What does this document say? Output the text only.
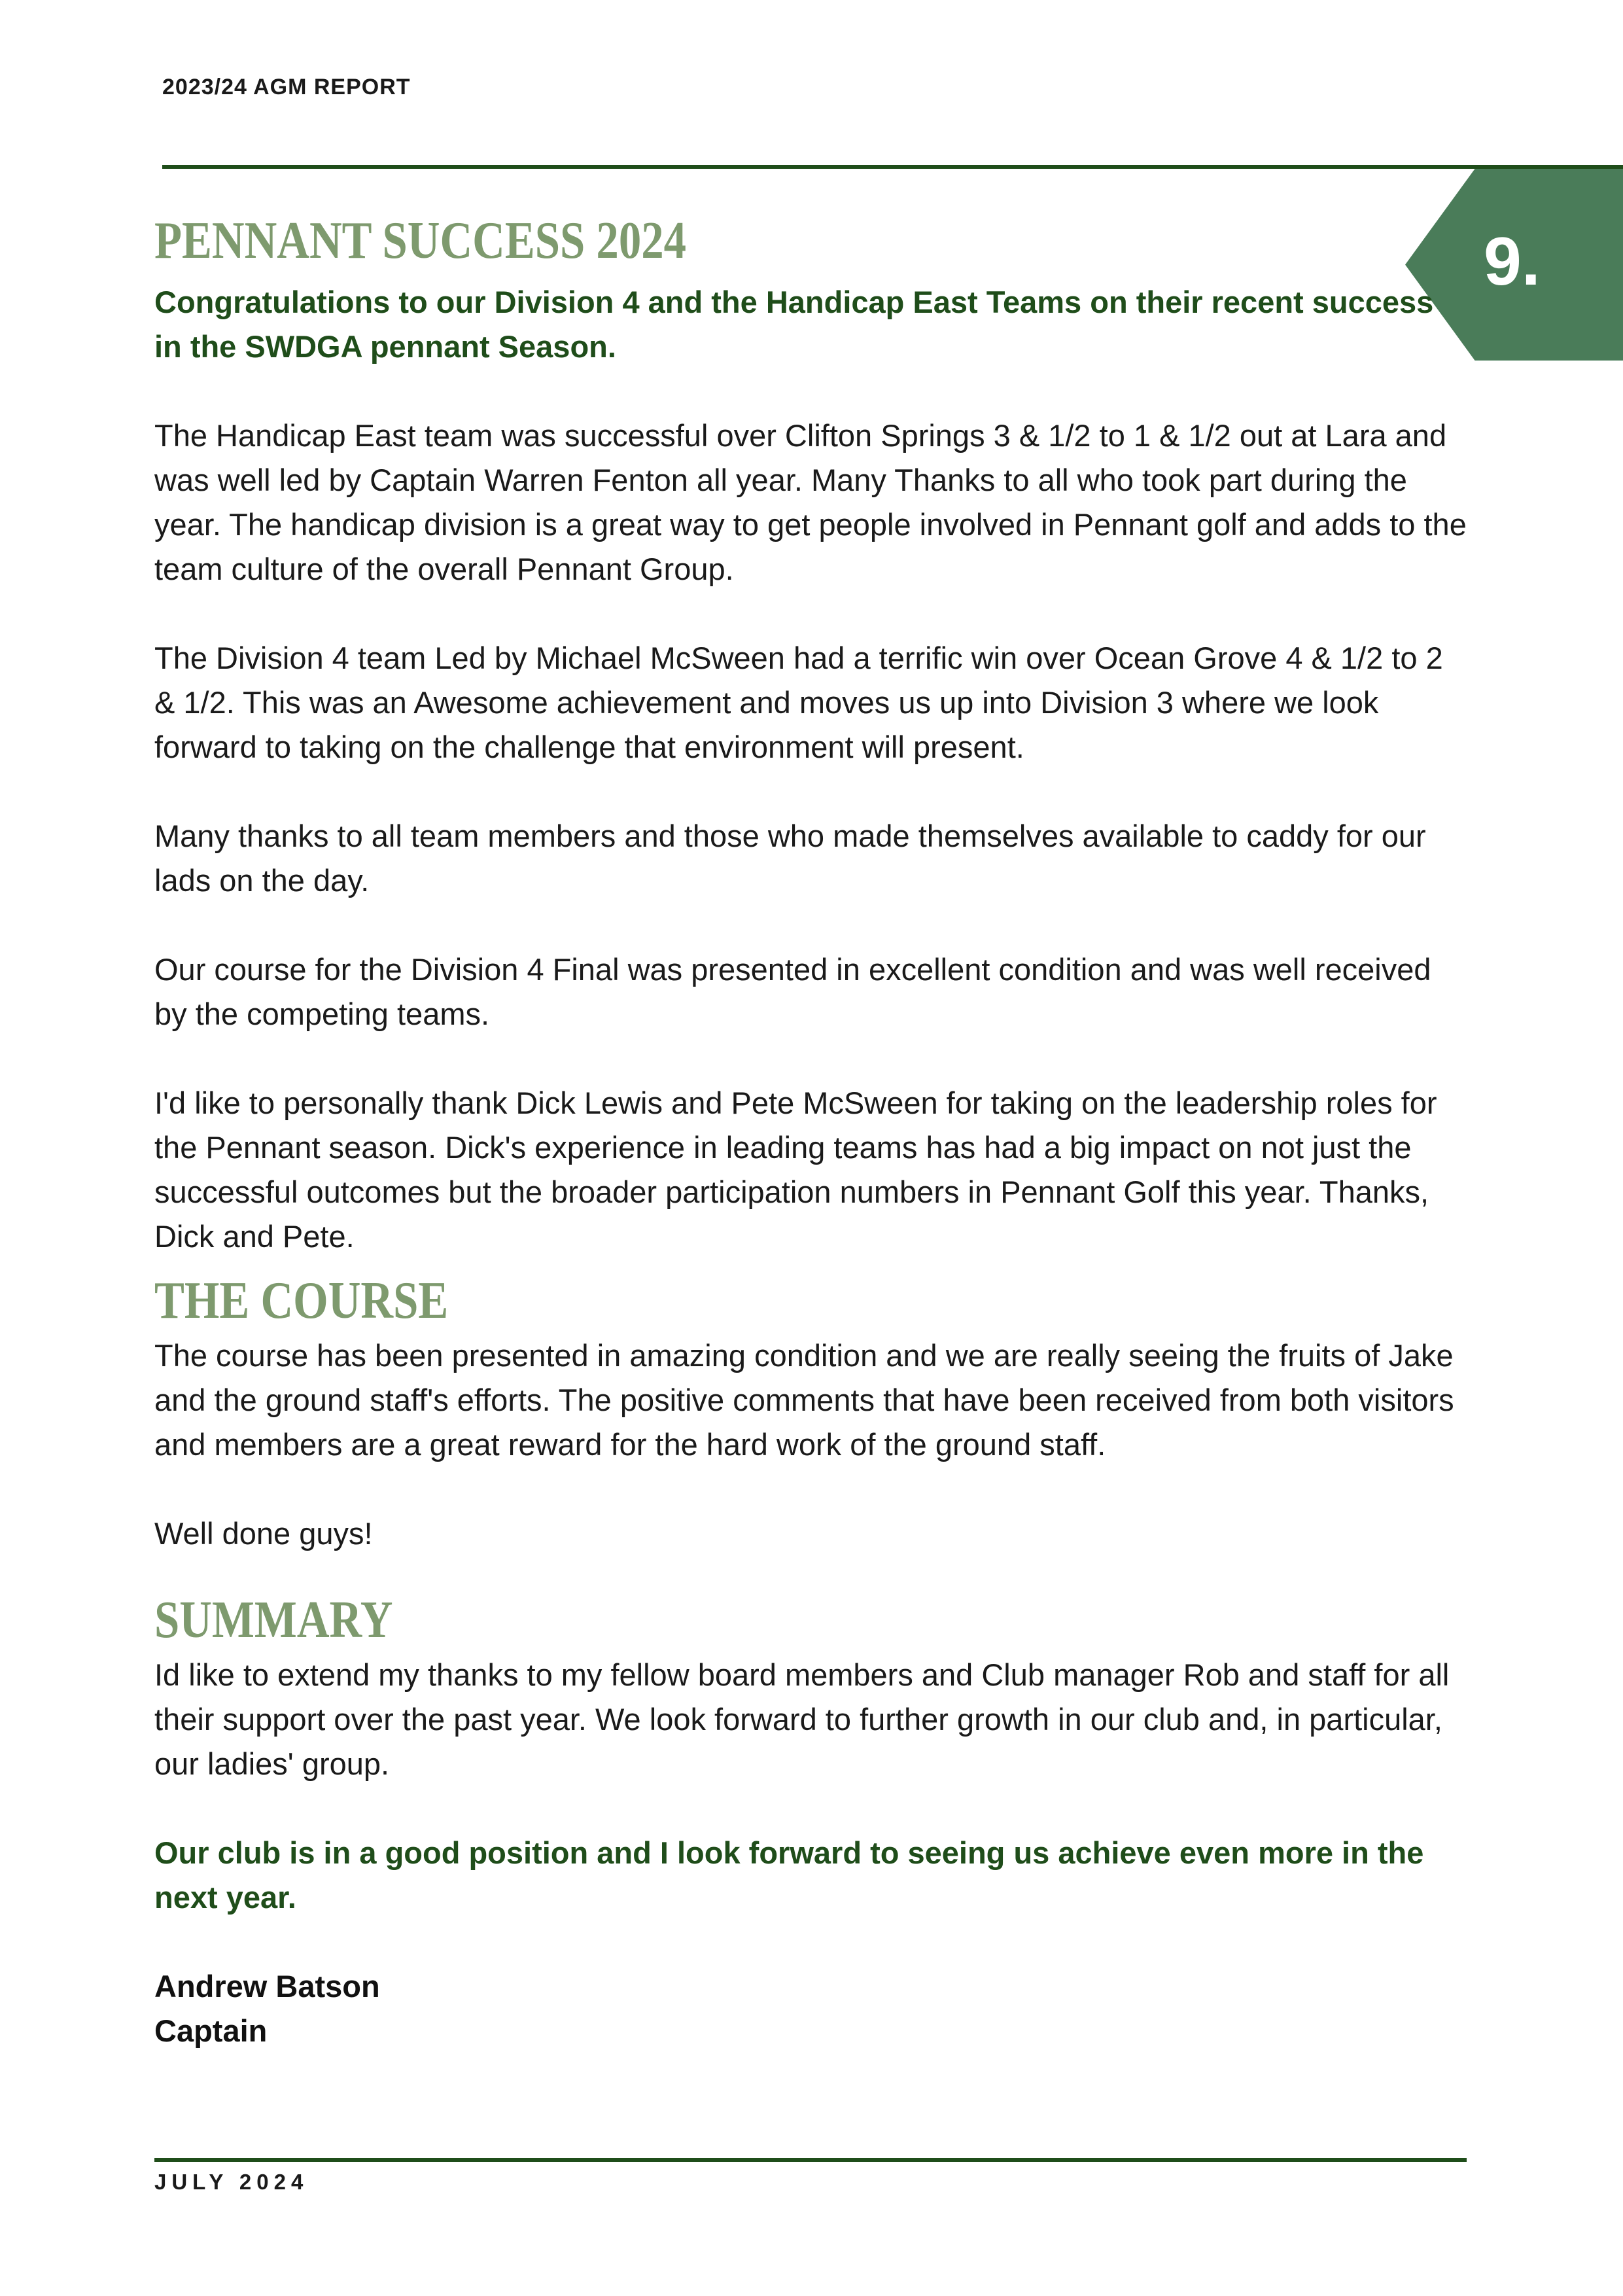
2023/24 AGM REPORT
9.
PENNANT SUCCESS 2024

Congratulations to our Division 4 and the Handicap East Teams on their recent success in the SWDGA pennant Season.

The Handicap East team was successful over Clifton Springs 3 & 1/2 to 1 & 1/2 out at Lara and was well led by Captain Warren Fenton all year. Many Thanks to all who took part during the year. The handicap division is a great way to get people involved in Pennant golf and adds to the team culture of the overall Pennant Group.

The Division 4 team Led by Michael McSween had a terrific win over Ocean Grove 4 & 1/2 to 2 & 1/2. This was an Awesome achievement and moves us up into Division 3 where we look forward to taking on the challenge that environment will present.

Many thanks to all team members and those who made themselves available to caddy for our lads on the day.

Our course for the Division 4 Final was presented in excellent condition and was well received by the competing teams.

I'd like to personally thank Dick Lewis and Pete McSween for taking on the leadership roles for the Pennant season. Dick's experience in leading teams has had a big impact on not just the successful outcomes but the broader participation numbers in Pennant Golf this year. Thanks, Dick and Pete.

THE COURSE

The course has been presented in amazing condition and we are really seeing the fruits of Jake and the ground staff's efforts. The positive comments that have been received from both visitors and members are a great reward for the hard work of the ground staff.

Well done guys!

SUMMARY

Id like to extend my thanks to my fellow board members and Club manager Rob and staff for all their support over the past year. We look forward to further growth in our club and, in particular, our ladies' group.

Our club is in a good position and I look forward to seeing us achieve even more in the next year.

Andrew Batson
Captain

JULY 2024
